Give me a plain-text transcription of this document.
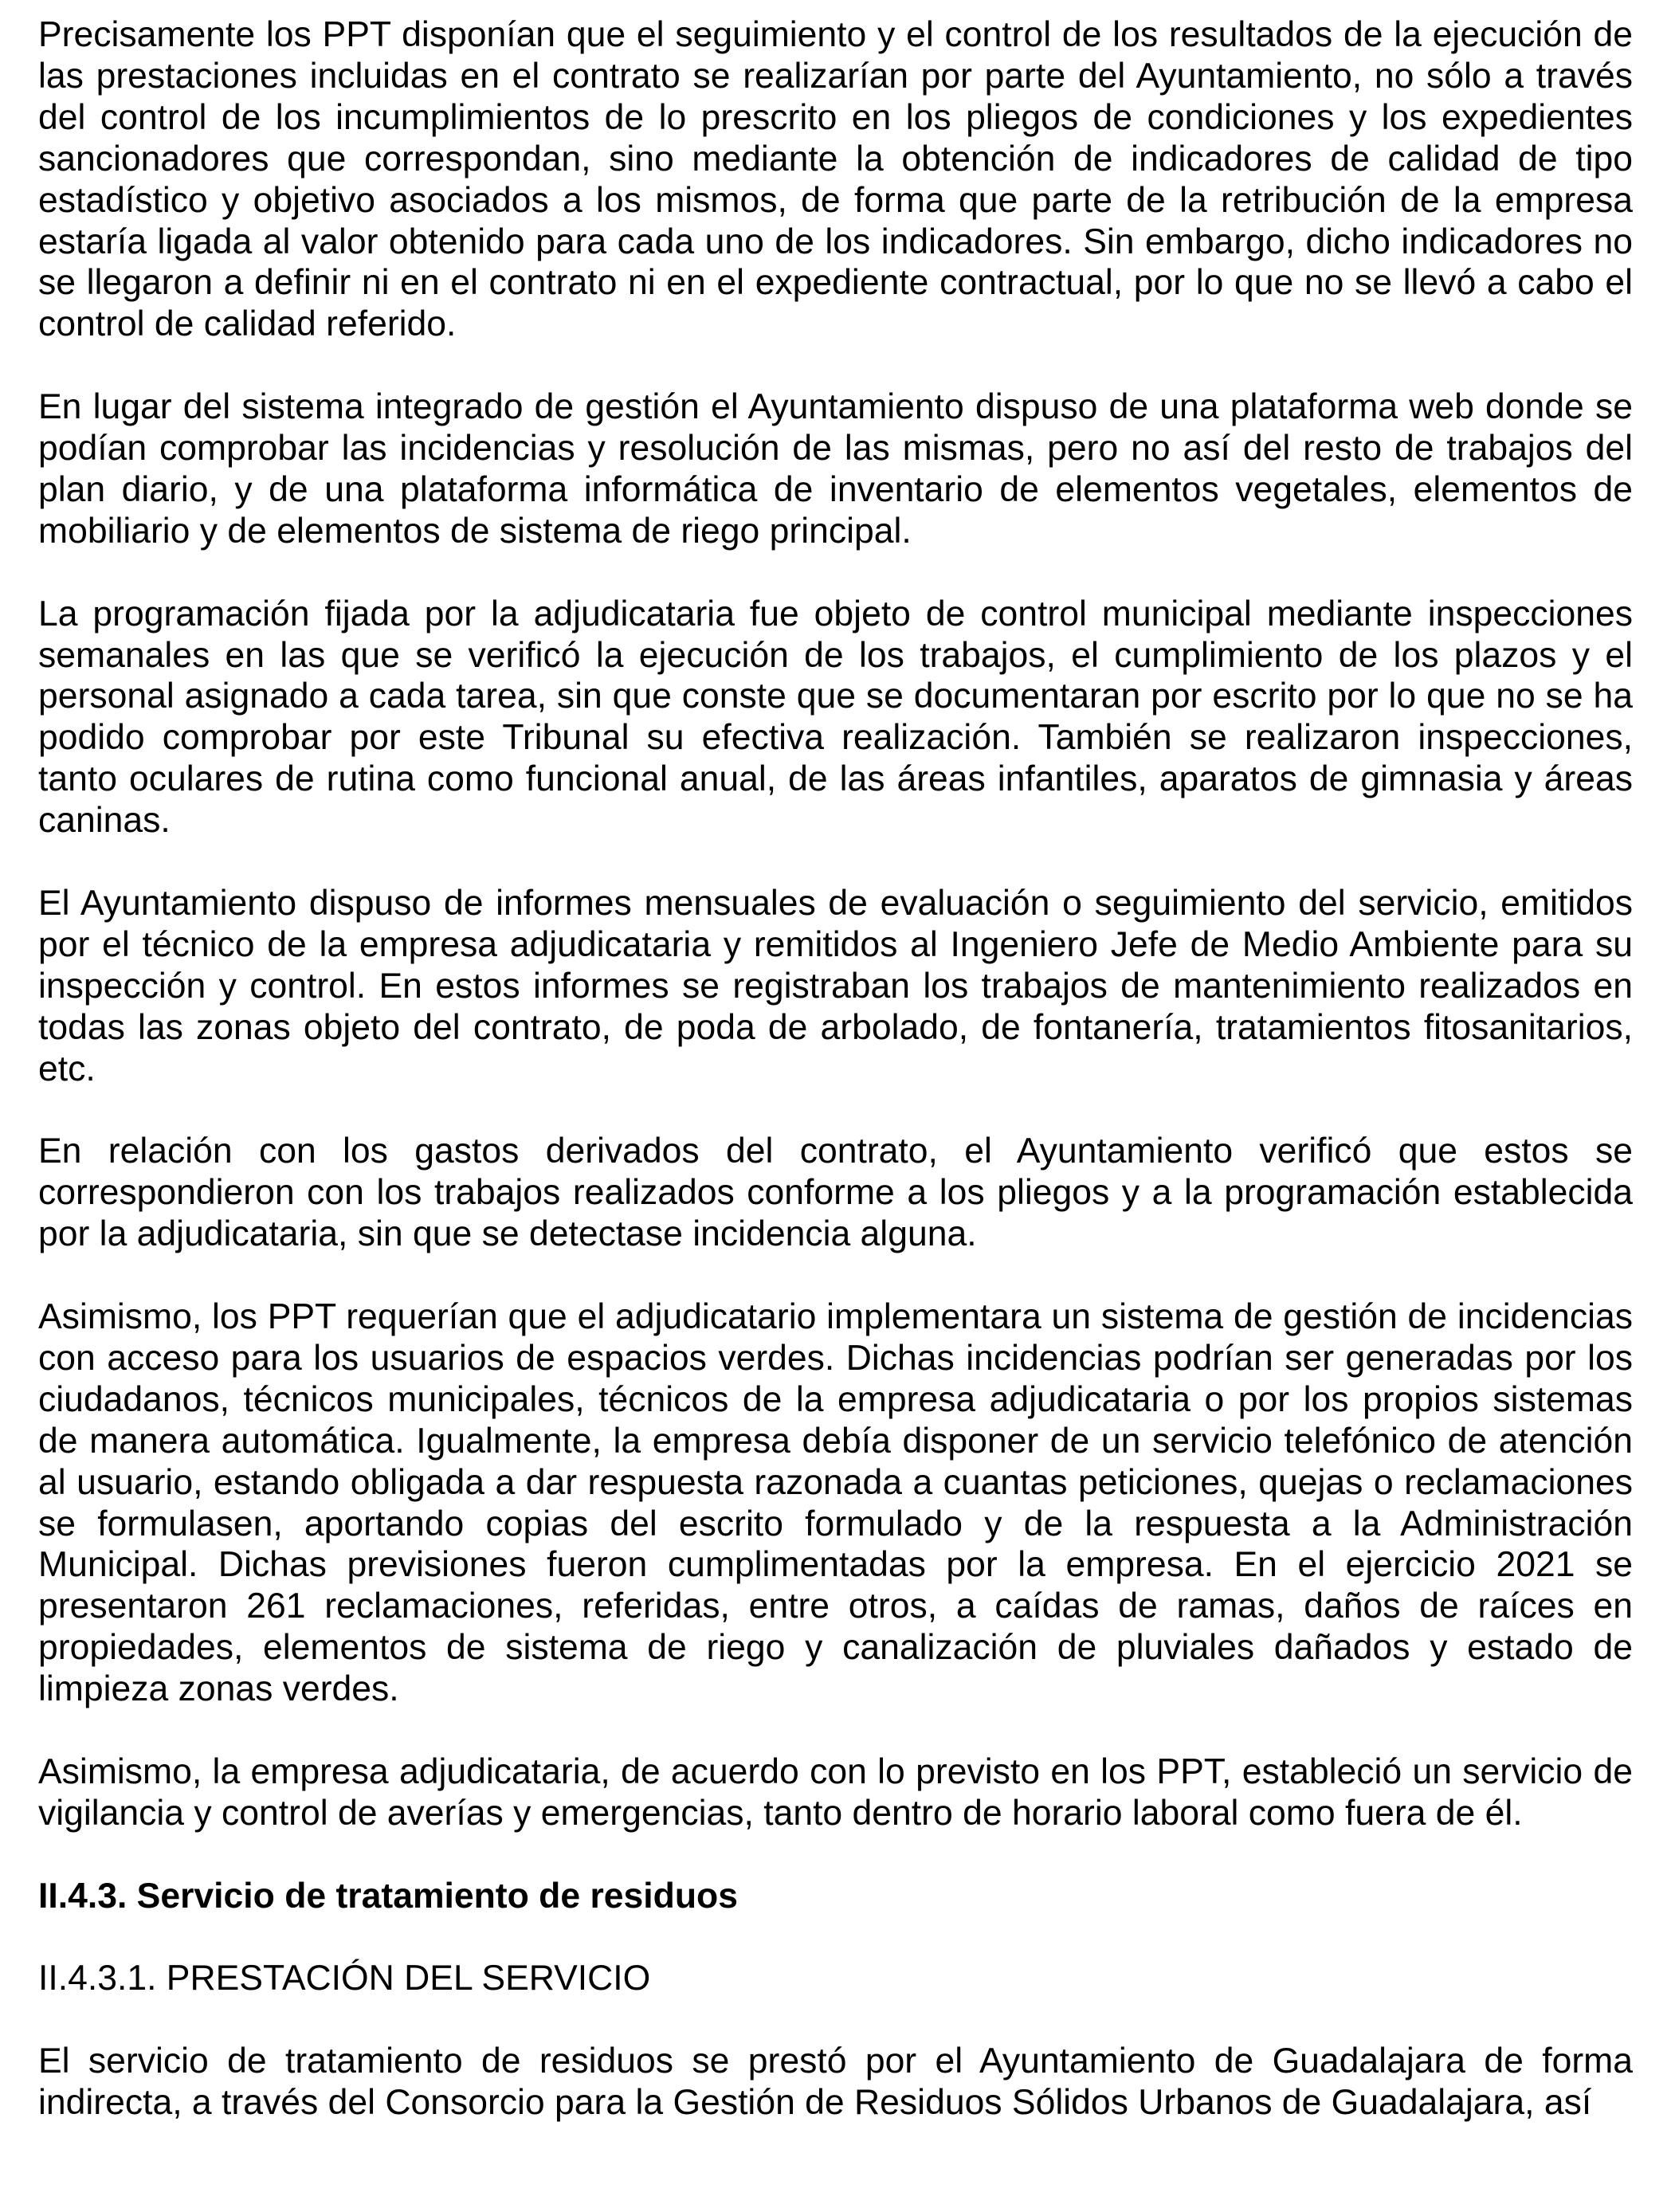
Precisamente los PPT disponían que el seguimiento y el control de los resultados de la ejecución de las prestaciones incluidas en el contrato se realizarían por parte del Ayuntamiento, no sólo a través del control de los incumplimientos de lo prescrito en los pliegos de condiciones y los expedientes sancionadores que correspondan, sino mediante la obtención de indicadores de calidad de tipo estadístico y objetivo asociados a los mismos, de forma que parte de la retribución de la empresa estaría ligada al valor obtenido para cada uno de los indicadores. Sin embargo, dicho indicadores no se llegaron a definir ni en el contrato ni en el expediente contractual, por lo que no se llevó a cabo el control de calidad referido.

En lugar del sistema integrado de gestión el Ayuntamiento dispuso de una plataforma web donde se podían comprobar las incidencias y resolución de las mismas, pero no así del resto de trabajos del plan diario, y de una plataforma informática de inventario de elementos vegetales, elementos de mobiliario y de elementos de sistema de riego principal.

La programación fijada por la adjudicataria fue objeto de control municipal mediante inspecciones semanales en las que se verificó la ejecución de los trabajos, el cumplimiento de los plazos y el personal asignado a cada tarea, sin que conste que se documentaran por escrito por lo que no se ha podido comprobar por este Tribunal su efectiva realización. También se realizaron inspecciones, tanto oculares de rutina como funcional anual, de las áreas infantiles, aparatos de gimnasia y áreas caninas.

El Ayuntamiento dispuso de informes mensuales de evaluación o seguimiento del servicio, emitidos por el técnico de la empresa adjudicataria y remitidos al Ingeniero Jefe de Medio Ambiente para su inspección y control. En estos informes se registraban los trabajos de mantenimiento realizados en todas las zonas objeto del contrato, de poda de arbolado, de fontanería, tratamientos fitosanitarios, etc.

En relación con los gastos derivados del contrato, el Ayuntamiento verificó que estos se correspondieron con los trabajos realizados conforme a los pliegos y a la programación establecida por la adjudicataria, sin que se detectase incidencia alguna.

Asimismo, los PPT requerían que el adjudicatario implementara un sistema de gestión de incidencias con acceso para los usuarios de espacios verdes. Dichas incidencias podrían ser generadas por los ciudadanos, técnicos municipales, técnicos de la empresa adjudicataria o por los propios sistemas de manera automática. Igualmente, la empresa debía disponer de un servicio telefónico de atención al usuario, estando obligada a dar respuesta razonada a cuantas peticiones, quejas o reclamaciones se formulasen, aportando copias del escrito formulado y de la respuesta a la Administración Municipal. Dichas previsiones fueron cumplimentadas por la empresa. En el ejercicio 2021 se presentaron 261 reclamaciones, referidas, entre otros, a caídas de ramas, daños de raíces en propiedades, elementos de sistema de riego y canalización de pluviales dañados y estado de limpieza zonas verdes.

Asimismo, la empresa adjudicataria, de acuerdo con lo previsto en los PPT, estableció un servicio de vigilancia y control de averías y emergencias, tanto dentro de horario laboral como fuera de él.

II.4.3. Servicio de tratamiento de residuos

II.4.3.1. PRESTACIÓN DEL SERVICIO

El servicio de tratamiento de residuos se prestó por el Ayuntamiento de Guadalajara de forma indirecta, a través del Consorcio para la Gestión de Residuos Sólidos Urbanos de Guadalajara, así
